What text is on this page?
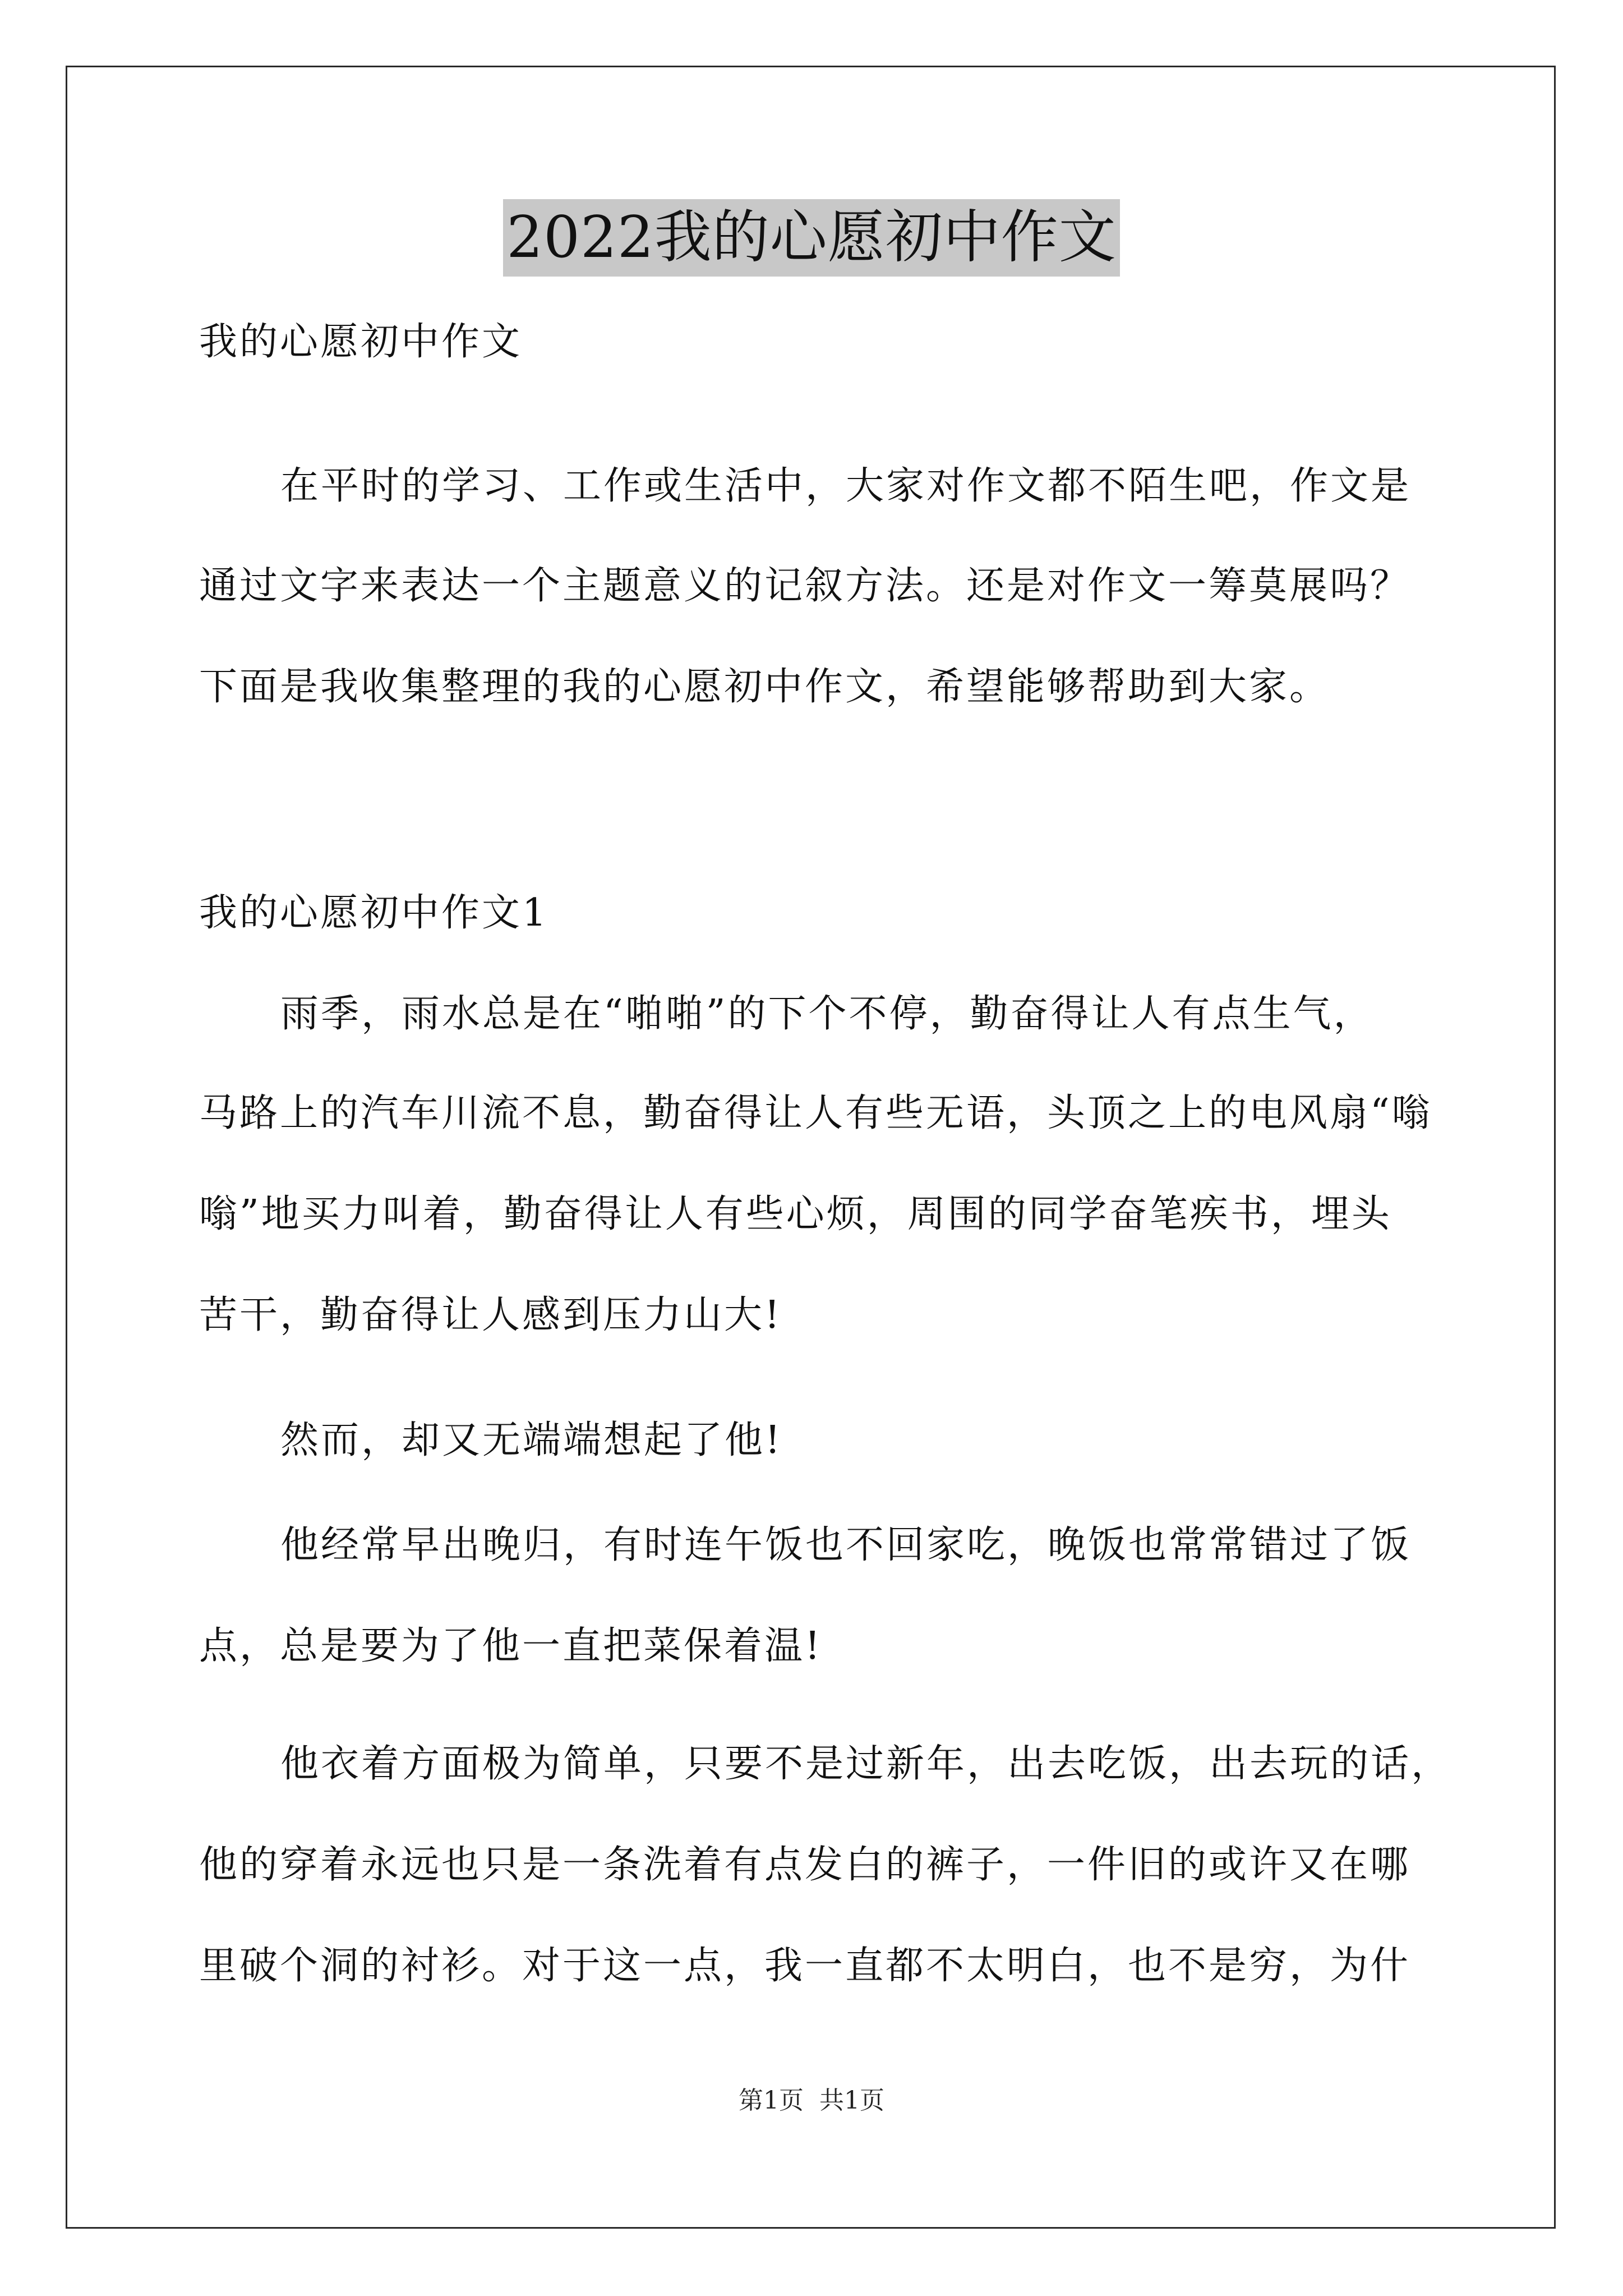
2022我的心愿初中作文
我的心愿初中作文
在平时的学习、工作或生活中，大家对作文都不陌生吧，作文是
通过文字来表达一个主题意义的记叙方法。还是对作文一筹莫展吗？
下面是我收集整理的我的心愿初中作文，希望能够帮助到大家。
我的心愿初中作文1
雨季，雨水总是在“啪啪”的下个不停，勤奋得让人有点生气，
马路上的汽车川流不息，勤奋得让人有些无语，头顶之上的电风扇“嗡
嗡”地买力叫着，勤奋得让人有些心烦，周围的同学奋笔疾书，埋头
苦干，勤奋得让人感到压力山大!
然而，却又无端端想起了他!
他经常早出晚归，有时连午饭也不回家吃，晚饭也常常错过了饭
点，总是要为了他一直把菜保着温!
他衣着方面极为简单，只要不是过新年，出去吃饭，出去玩的话，
他的穿着永远也只是一条洗着有点发白的裤子，一件旧的或许又在哪
里破个洞的衬衫。对于这一点，我一直都不太明白，也不是穷，为什
第1页 共1页
